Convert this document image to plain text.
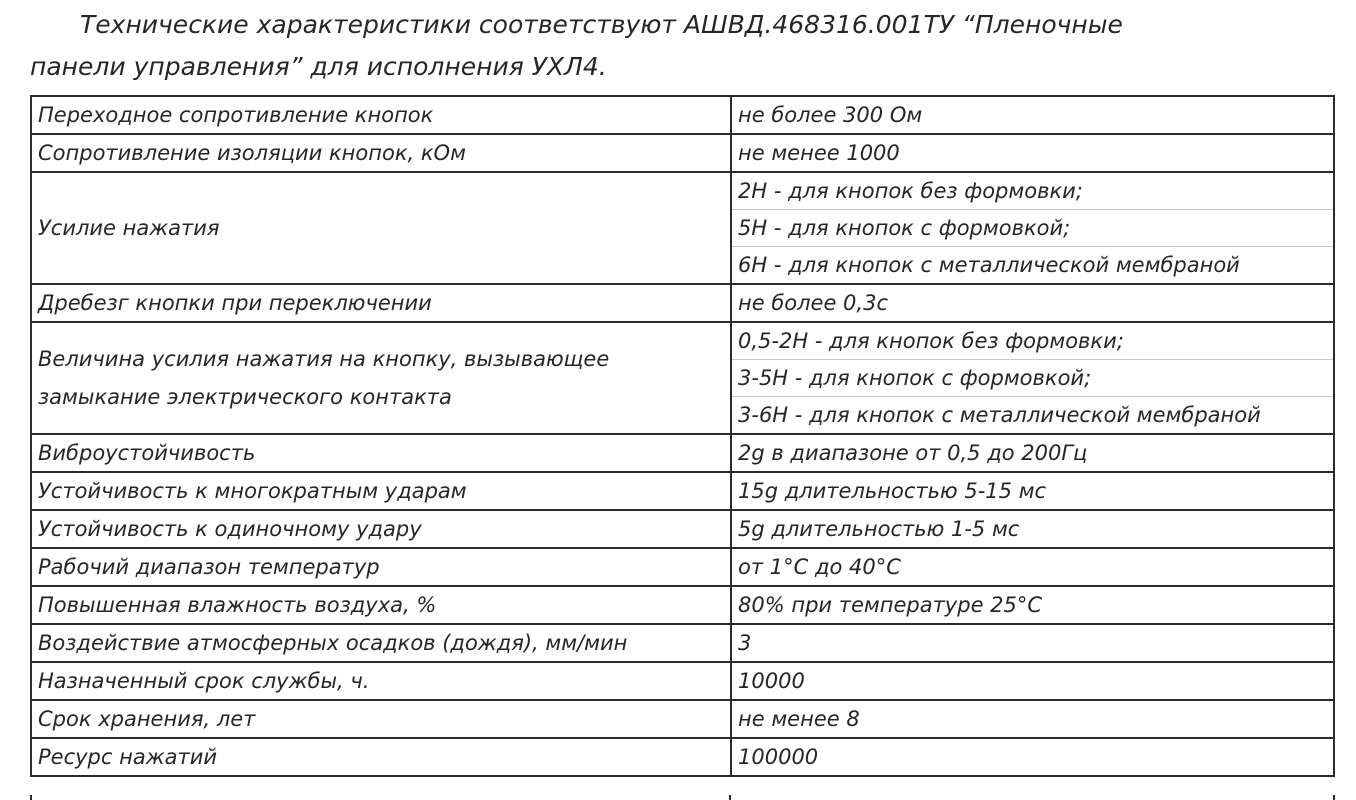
Технические характеристики соответствуют АШВД.468316.001ТУ “Пленочные
панели управления” для исполнения УХЛ4.

Переходное сопротивление кнопок	не более 300 Ом
Сопротивление изоляции кнопок, кОм	не менее 1000
Усилие нажатия	2Н - для кнопок без формовки;
	5Н - для кнопок с формовкой;
	6Н - для кнопок с металлической мембраной
Дребезг кнопки при переключении	не более 0,3с
Величина усилия нажатия на кнопку, вызывающее замыкание электрического контакта	0,5-2Н - для кнопок без формовки;
	3-5Н - для кнопок с формовкой;
	3-6Н - для кнопок с металлической мембраной
Виброустойчивость	2g в диапазоне от 0,5 до 200Гц
Устойчивость к многократным ударам	15g длительностью 5-15 мс
Устойчивость к одиночному удару	5g длительностью 1-5 мс
Рабочий диапазон температур	от 1°С до 40°С
Повышенная влажность воздуха, %	80% при температуре 25°С
Воздействие атмосферных осадков (дождя), мм/мин	3
Назначенный срок службы, ч.	10000
Срок хранения, лет	не менее 8
Ресурс нажатий	100000
